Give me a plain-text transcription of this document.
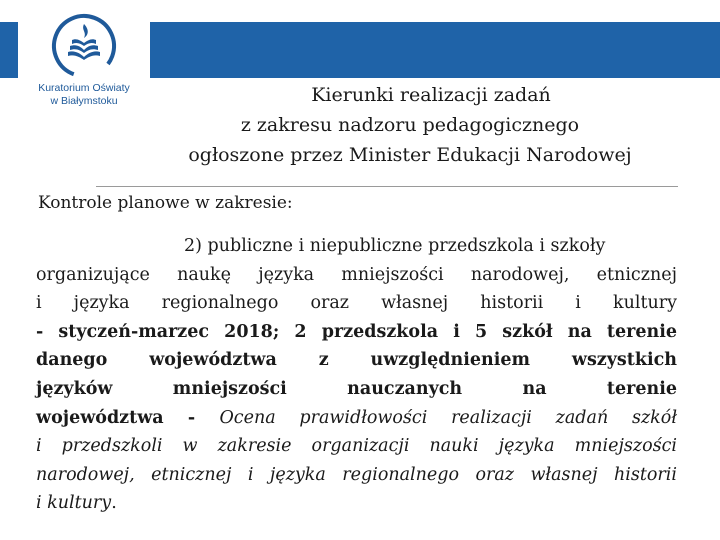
Kuratorium Oświaty
w Białymstoku	Kierunki realizacji zadań
z zakresu nadzoru pedagogicznego
ogłoszone przez Minister Edukacji Narodowej
Kontrole planowe w zakresie:
2) publiczne i niepubliczne przedszkola i szkoły
organizujące naukę języka mniejszości narodowej, etnicznej
i języka regionalnego oraz własnej historii i kultury
- styczeń-marzec 2018; 2 przedszkola i 5 szkół na terenie
danego województwa z uwzględnieniem wszystkich
języków mniejszości nauczanych na terenie
województwa - Ocena prawidłowości realizacji zadań szkół
i przedszkoli w zakresie organizacji nauki języka mniejszości
narodowej, etnicznej i języka regionalnego oraz własnej historii
i kultury.
